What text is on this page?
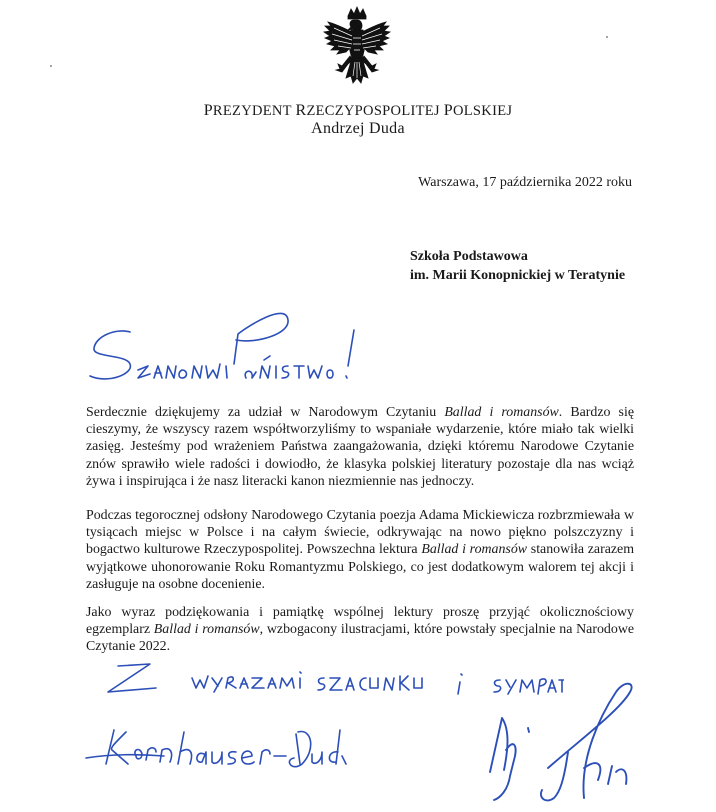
PREZYDENT RZECZYPOSPOLITEJ POLSKIEJ
Andrzej Duda
Warszawa, 17 października 2022 roku
Szkoła Podstawowa
im. Marii Konopnickiej w Teratynie
Serdecznie dziękujemy za udział w Narodowym Czytaniu Ballad i romansów. Bardzo się cieszymy, że wszyscy razem współtworzyliśmy to wspaniałe wydarzenie, które miało tak wielki zasięg. Jesteśmy pod wrażeniem Państwa zaangażowania, dzięki któremu Narodowe Czytanie znów sprawiło wiele radości i dowiodło, że klasyka polskiej literatury pozostaje dla nas wciąż żywa i inspirująca i że nasz literacki kanon niezmiennie nas jednoczy.
Podczas tegorocznej odsłony Narodowego Czytania poezja Adama Mickiewicza rozbrzmiewała w tysiącach miejsc w Polsce i na całym świecie, odkrywając na nowo piękno polszczyzny i bogactwo kulturowe Rzeczypospolitej. Powszechna lektura Ballad i romansów stanowiła zarazem wyjątkowe uhonorowanie Roku Romantyzmu Polskiego, co jest dodatkowym walorem tej akcji i zasługuje na osobne docenienie.
Jako wyraz podziękowania i pamiątkę wspólnej lektury proszę przyjąć okolicznościowy egzemplarz Ballad i romansów, wzbogacony ilustracjami, które powstały specjalnie na Narodowe Czytanie 2022.
